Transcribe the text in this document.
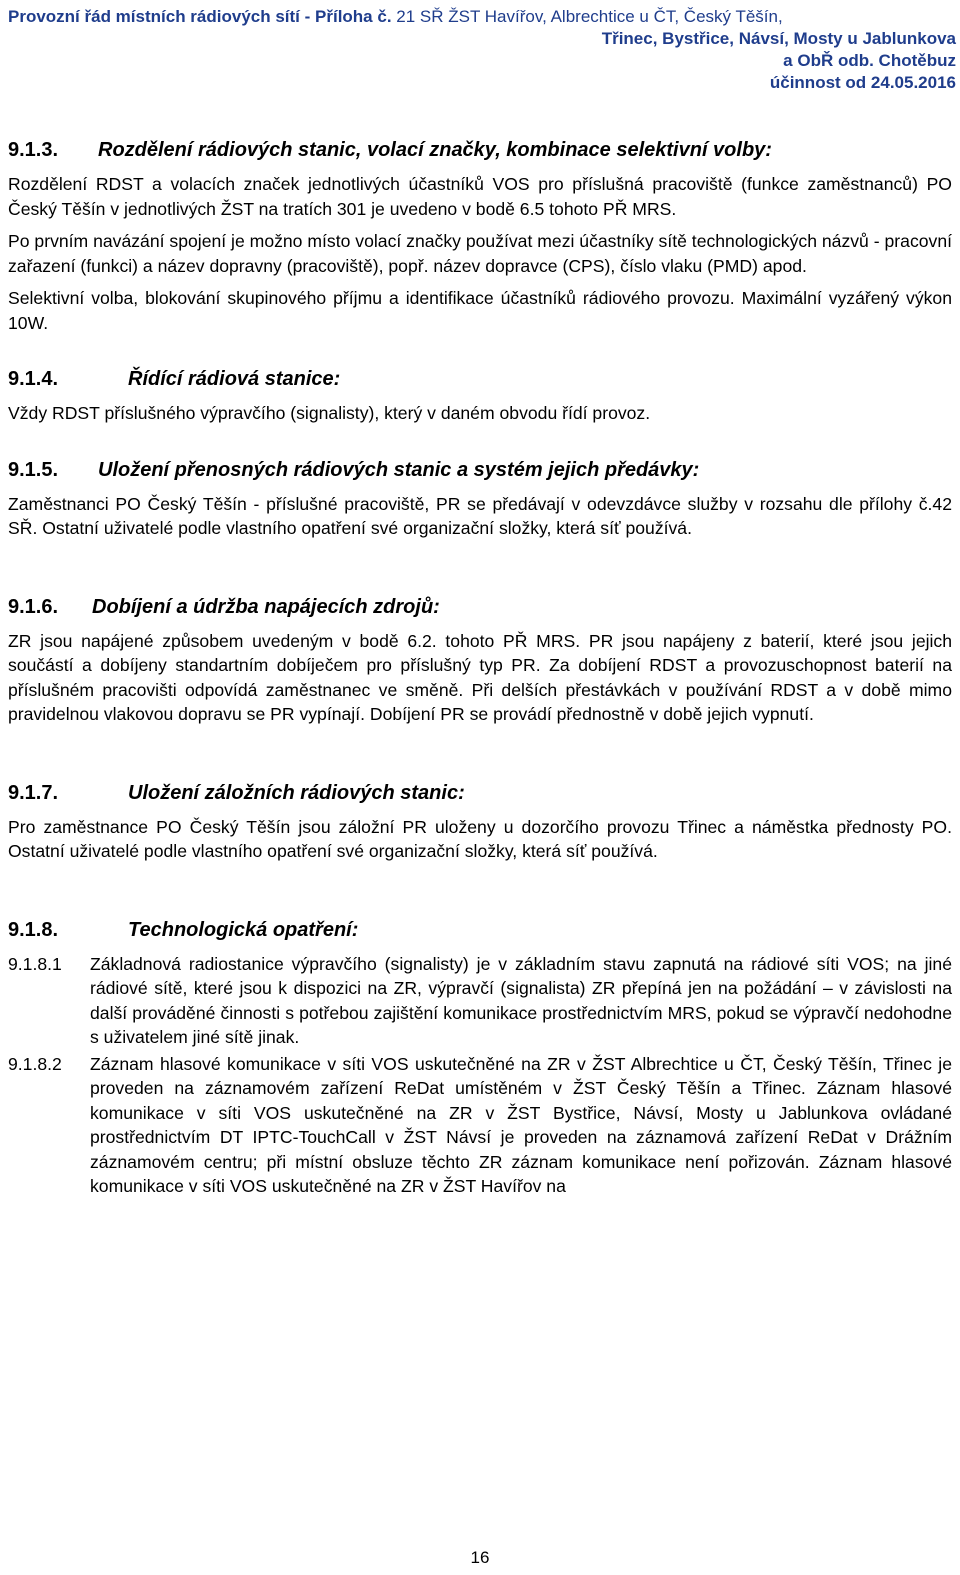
Provozní řád místních rádiových sítí - Příloha č. 21 SŘ ŽST Havířov, Albrechtice u ČT, Český Těšín,
Třinec, Bystřice, Návsí, Mosty u Jablunkova
a ObŘ odb. Chotěbuz
účinnost od 24.05.2016
9.1.3.	Rozdělení rádiových stanic, volací značky, kombinace selektivní volby:

Rozdělení RDST a volacích značek jednotlivých účastníků VOS pro příslušná pracoviště (funkce zaměstnanců) PO Český Těšín v jednotlivých ŽST na tratích 301 je uvedeno v bodě 6.5 tohoto PŘ MRS.

Po prvním navázání spojení je možno místo volací značky používat mezi účastníky sítě technologických názvů - pracovní zařazení (funkci) a název dopravny (pracoviště), popř. název dopravce (CPS), číslo vlaku (PMD) apod.

Selektivní volba, blokování skupinového příjmu a identifikace účastníků rádiového provozu. Maximální vyzářený výkon 10W.

9.1.4.	Řídící rádiová stanice:

Vždy RDST příslušného výpravčího (signalisty), který v daném obvodu řídí provoz.

9.1.5.	Uložení přenosných rádiových stanic a systém jejich předávky:

Zaměstnanci PO Český Těšín - příslušné pracoviště, PR se předávají v odevzdávce služby v rozsahu dle přílohy č.42 SŘ. Ostatní uživatelé podle vlastního opatření své organizační složky, která síť používá.

9.1.6.	Dobíjení a údržba napájecích zdrojů:

ZR jsou napájené způsobem uvedeným v bodě 6.2. tohoto PŘ MRS. PR jsou napájeny z baterií, které jsou jejich součástí a dobíjeny standartním dobíječem pro příslušný typ PR. Za dobíjení RDST a provozuschopnost baterií na příslušném pracovišti odpovídá zaměstnanec ve směně. Při delších přestávkách v používání RDST a v době mimo pravidelnou vlakovou dopravu se PR vypínají. Dobíjení PR se provádí přednostně v době jejich vypnutí.

9.1.7.	Uložení záložních rádiových stanic:

Pro zaměstnance PO Český Těšín jsou záložní PR uloženy u dozorčího provozu Třinec a náměstka přednosty PO. Ostatní uživatelé podle vlastního opatření své organizační složky, která síť používá.

9.1.8.	Technologická opatření:
9.1.8.1	Základnová radiostanice výpravčího (signalisty) je v základním stavu zapnutá na rádiové síti VOS; na jiné rádiové sítě, které jsou k dispozici na ZR, výpravčí (signalista) ZR přepíná jen na požádání – v závislosti na další prováděné činnosti s potřebou zajištění komunikace prostřednictvím MRS, pokud se výpravčí nedohodne s uživatelem jiné sítě jinak.
9.1.8.2	Záznam hlasové komunikace v síti VOS uskutečněné na ZR v ŽST Albrechtice u ČT, Český Těšín, Třinec je proveden na záznamovém zařízení ReDat umístěném v ŽST Český Těšín a Třinec. Záznam hlasové komunikace v síti VOS uskutečněné na ZR v ŽST Bystřice, Návsí, Mosty u Jablunkova ovládané prostřednictvím DT IPTC-TouchCall v ŽST Návsí je proveden na záznamová zařízení ReDat v Drážním záznamovém centru; při místní obsluze těchto ZR záznam komunikace není pořizován. Záznam hlasové komunikace v síti VOS uskutečněné na ZR v ŽST Havířov na
16
